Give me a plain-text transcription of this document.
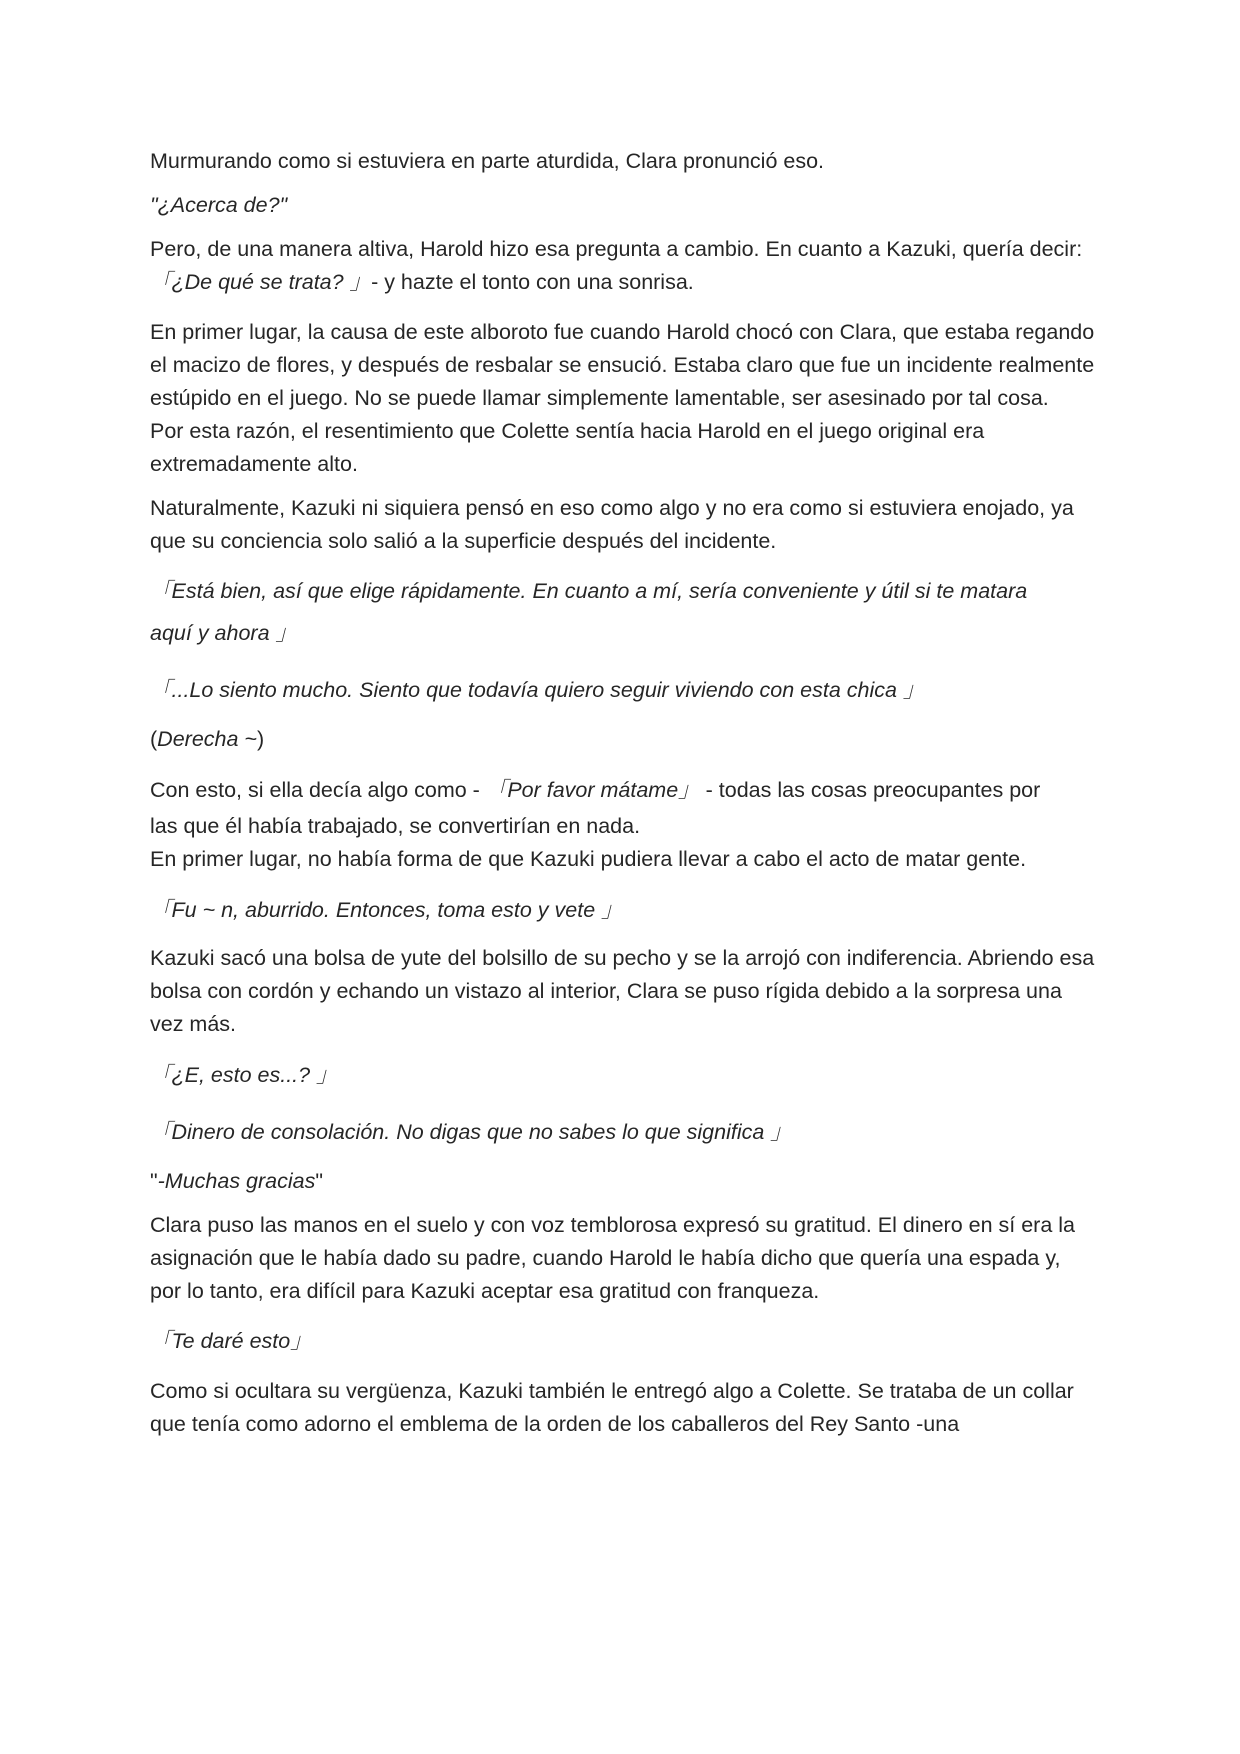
Murmurando como si estuviera en parte aturdida, Clara pronunció eso.

"¿Acerca de?"

Pero, de una manera altiva, Harold hizo esa pregunta a cambio. En cuanto a Kazuki, quería decir: 「¿De qué se trata? 」- y hazte el tonto con una sonrisa.

En primer lugar, la causa de este alboroto fue cuando Harold chocó con Clara, que estaba regando el macizo de flores, y después de resbalar se ensució. Estaba claro que fue un incidente realmente estúpido en el juego. No se puede llamar simplemente lamentable, ser asesinado por tal cosa.

Por esta razón, el resentimiento que Colette sentía hacia Harold en el juego original era extremadamente alto.

Naturalmente, Kazuki ni siquiera pensó en eso como algo y no era como si estuviera enojado, ya que su conciencia solo salió a la superficie después del incidente.

「Está bien, así que elige rápidamente. En cuanto a mí, sería conveniente y útil si te matara

aquí y ahora 」

「...Lo siento mucho. Siento que todavía quiero seguir viviendo con esta chica 」

(Derecha ~)

Con esto, si ella decía algo como - 「Por favor mátame」 - todas las cosas preocupantes por

las que él había trabajado, se convertirían en nada.

En primer lugar, no había forma de que Kazuki pudiera llevar a cabo el acto de matar gente.

「Fu ~ n, aburrido. Entonces, toma esto y vete 」

Kazuki sacó una bolsa de yute del bolsillo de su pecho y se la arrojó con indiferencia. Abriendo esa bolsa con cordón y echando un vistazo al interior, Clara se puso rígida debido a la sorpresa una vez más.

「¿E, esto es...? 」

「Dinero de consolación. No digas que no sabes lo que significa 」

"-Muchas gracias"

Clara puso las manos en el suelo y con voz temblorosa expresó su gratitud. El dinero en sí era la asignación que le había dado su padre, cuando Harold le había dicho que quería una espada y, por lo tanto, era difícil para Kazuki aceptar esa gratitud con franqueza.

「Te daré esto」

Como si ocultara su vergüenza, Kazuki también le entregó algo a Colette. Se trataba de un collar que tenía como adorno el emblema de la orden de los caballeros del Rey Santo -una
